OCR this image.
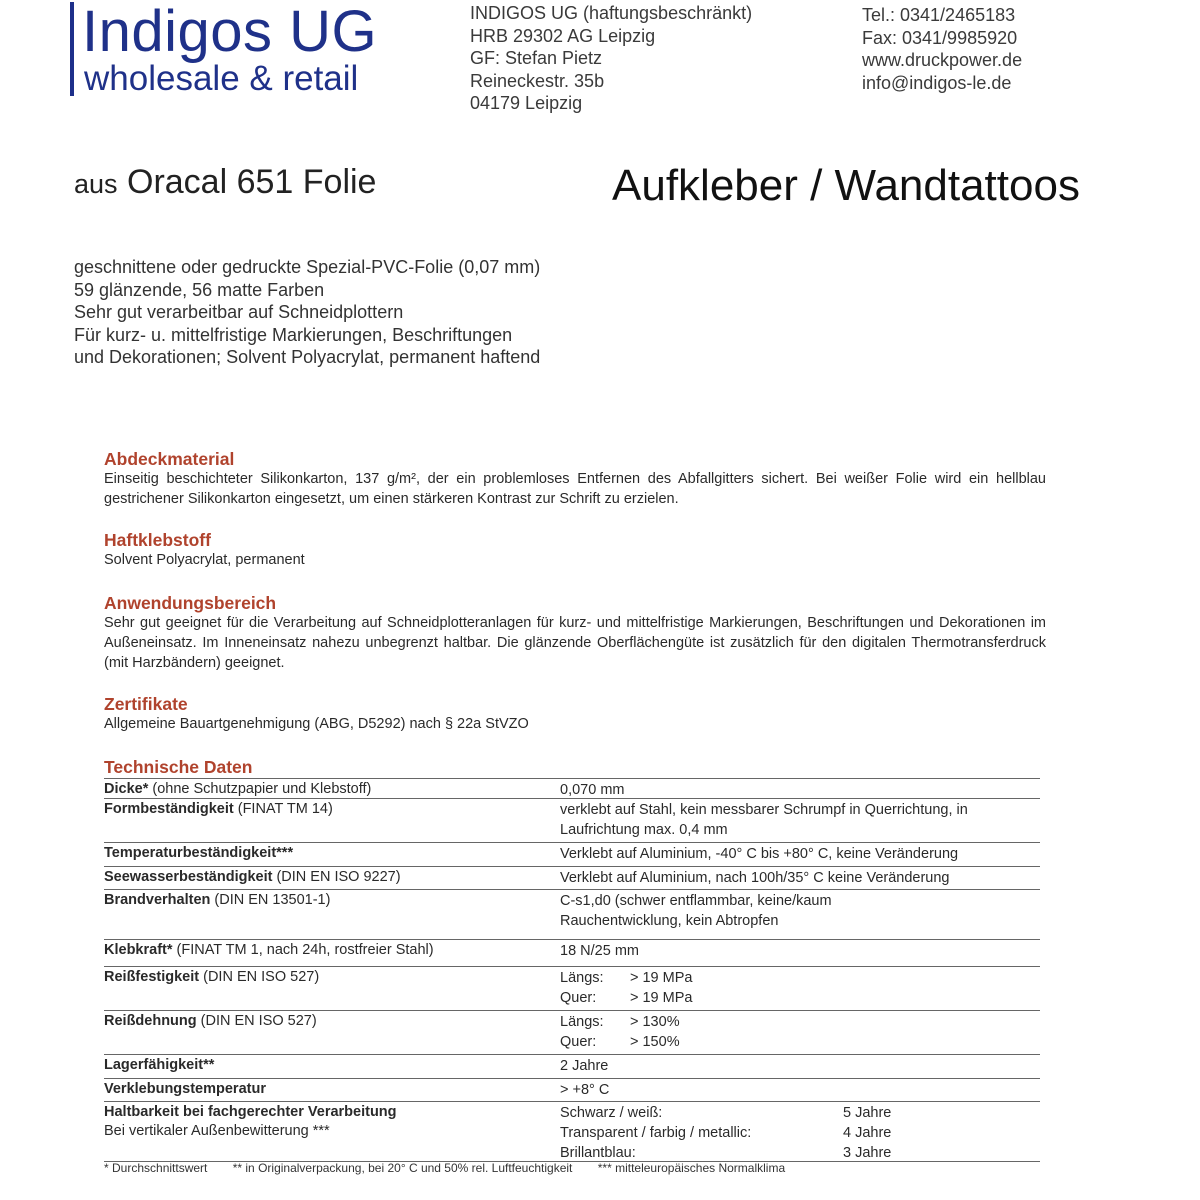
Indigos UG
wholesale & retail
INDIGOS UG (haftungsbeschränkt)
HRB 29302 AG Leipzig
GF: Stefan Pietz
Reineckestr. 35b
04179 Leipzig
Tel.: 0341/2465183
Fax: 0341/9985920
www.druckpower.de
info@indigos-le.de
aus Oracal 651 Folie	Aufkleber / Wandtattoos
geschnittene oder gedruckte Spezial-PVC-Folie (0,07 mm)
59 glänzende, 56 matte Farben
Sehr gut verarbeitbar auf Schneidplottern
Für kurz- u. mittelfristige Markierungen, Beschriftungen
und Dekorationen; Solvent Polyacrylat, permanent haftend
Abdeckmaterial
Einseitig beschichteter Silikonkarton, 137 g/m², der ein problemloses Entfernen des Abfallgitters sichert. Bei weißer Folie wird ein hellblau gestrichener Silikonkarton eingesetzt, um einen stärkeren Kontrast zur Schrift zu erzielen.
Haftklebstoff
Solvent Polyacrylat, permanent
Anwendungsbereich
Sehr gut geeignet für die Verarbeitung auf Schneidplotteranlagen für kurz- und mittelfristige Markierungen, Beschriftungen und Dekorationen im Außeneinsatz. Im Inneneinsatz nahezu unbegrenzt haltbar. Die glänzende Oberflächengüte ist zusätzlich für den digitalen Thermotransferdruck (mit Harzbändern) geeignet.
Zertifikate
Allgemeine Bauartgenehmigung (ABG, D5292) nach § 22a StVZO
Technische Daten
Dicke* (ohne Schutzpapier und Klebstoff)	0,070 mm
Formbeständigkeit (FINAT TM 14)	verklebt auf Stahl, kein messbarer Schrumpf in Querrichtung, in
Laufrichtung max. 0,4 mm
Temperaturbeständigkeit***	Verklebt auf Aluminium, -40° C bis +80° C, keine Veränderung
Seewasserbeständigkeit (DIN EN ISO 9227)	Verklebt auf Aluminium, nach 100h/35° C keine Veränderung
Brandverhalten (DIN EN 13501-1)	C-s1,d0 (schwer entflammbar, keine/kaum
Rauchentwicklung, kein Abtropfen
Klebkraft* (FINAT TM 1, nach 24h, rostfreier Stahl)	18 N/25 mm
Reißfestigkeit (DIN EN ISO 527)	Längs: > 19 MPa
Quer: > 19 MPa
Reißdehnung (DIN EN ISO 527)	Längs: > 130%
Quer: > 150%
Lagerfähigkeit**	2 Jahre
Verklebungstemperatur	> +8° C
Haltbarkeit bei fachgerechter Verarbeitung
Bei vertikaler Außenbewitterung ***
Schwarz / weiß:	5 Jahre
Transparent / farbig / metallic:	4 Jahre
Brillantblau:	3 Jahre
* Durchschnittswert ** in Originalverpackung, bei 20° C und 50% rel. Luftfeuchtigkeit *** mitteleuropäisches Normalklima
